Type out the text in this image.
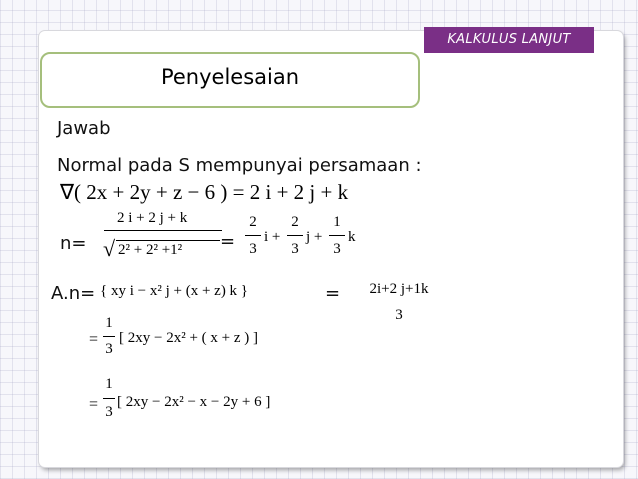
KALKULUS LANJUT
Penyelesaian
Jawab
Normal pada S mempunyai persamaan :
∇( 2x + 2y + z − 6 ) = 2 i + 2 j + k
n=
2 i + 2 j + k
√ 2² + 2² +1² =
2
3
i +
2
3
j +
1
3
k
A.n= { xy i − x² j + (x + z) k }	=	2i+2 j+1k
3
=
1
3
[ 2xy − 2x² + ( x + z ) ]
=
1
3
[ 2xy − 2x² − x − 2y + 6 ]
